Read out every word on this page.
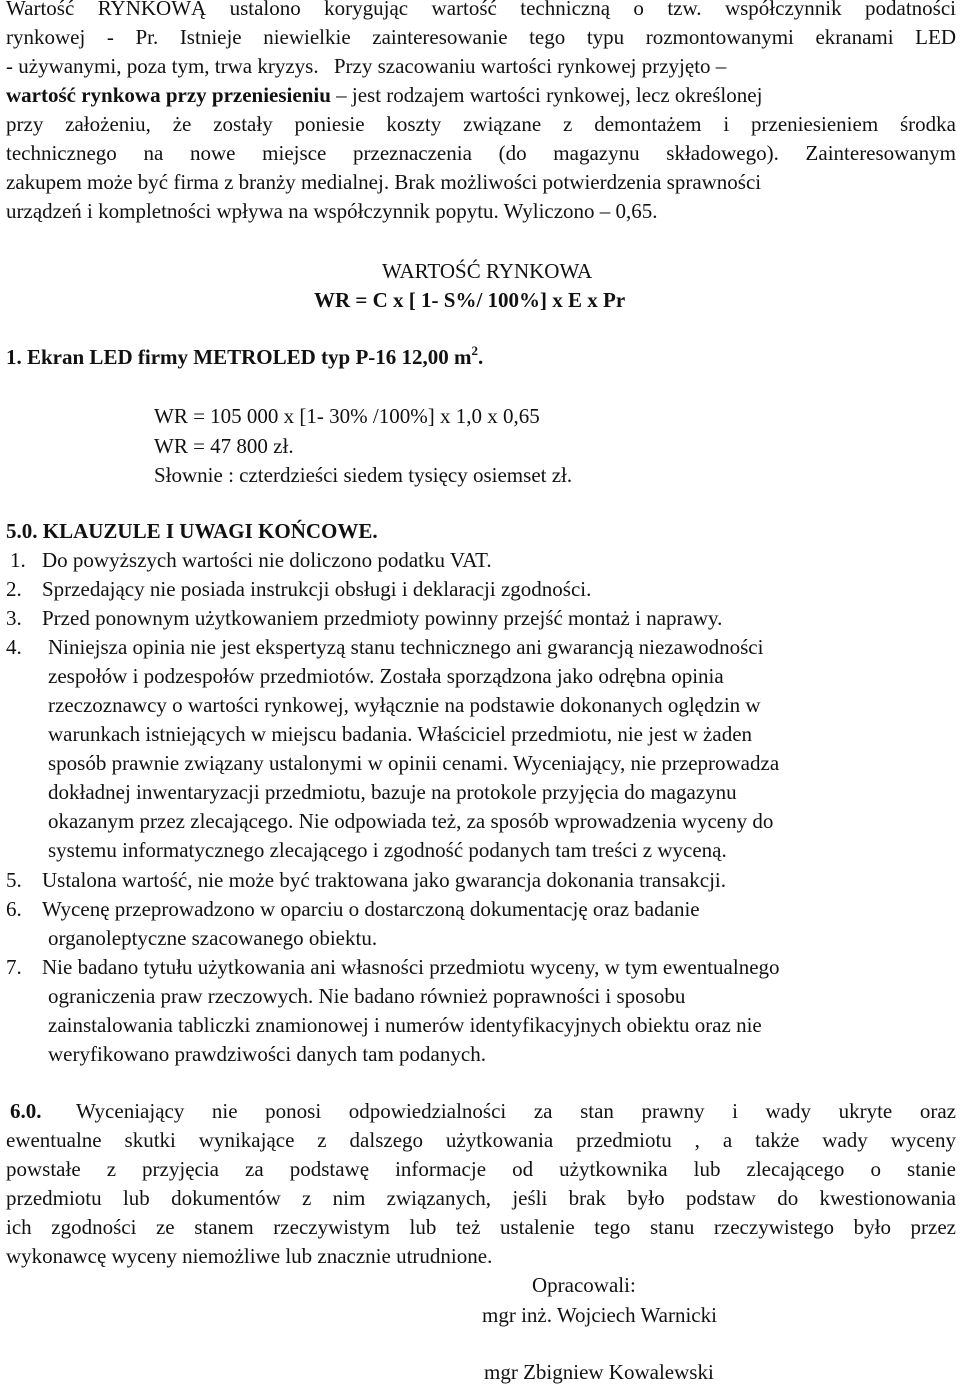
Wartość RYNKOWĄ ustalono korygując wartość techniczną o tzw. współczynnik podatności
rynkowej - Pr. Istnieje niewielkie zainteresowanie tego typu rozmontowanymi ekranami LED
- używanymi, poza tym, trwa kryzys. Przy szacowaniu wartości rynkowej przyjęto –
wartość rynkowa przy przeniesieniu – jest rodzajem wartości rynkowej, lecz określonej
przy założeniu, że zostały poniesie koszty związane z demontażem i przeniesieniem środka
technicznego na nowe miejsce przeznaczenia (do magazynu składowego). Zainteresowanym
zakupem może być firma z branży medialnej. Brak możliwości potwierdzenia sprawności
urządzeń i kompletności wpływa na współczynnik popytu. Wyliczono – 0,65.
WARTOŚĆ RYNKOWA
WR = C x [ 1- S%/ 100%] x E x Pr
1. Ekran LED firmy METROLED typ P-16 12,00 $m^2$.
WR = 105 000 x [1- 30% /100%] x 1,0 x 0,65
WR = 47 800 zł.
Słownie : czterdzieści siedem tysięcy osiemset zł.
5.0. KLAUZULE I UWAGI KOŃCOWE.
1. Do powyższych wartości nie doliczono podatku VAT.
2. Sprzedający nie posiada instrukcji obsługi i deklaracji zgodności.
3. Przed ponownym użytkowaniem przedmioty powinny przejść montaż i naprawy.
4. Niniejsza opinia nie jest ekspertyzą stanu technicznego ani gwarancją niezawodności
zespołów i podzespołów przedmiotów. Została sporządzona jako odrębna opinia
rzeczoznawcy o wartości rynkowej, wyłącznie na podstawie dokonanych oględzin w
warunkach istniejących w miejscu badania. Właściciel przedmiotu, nie jest w żaden
sposób prawnie związany ustalonymi w opinii cenami. Wyceniający, nie przeprowadza
dokładnej inwentaryzacji przedmiotu, bazuje na protokole przyjęcia do magazynu
okazanym przez zlecającego. Nie odpowiada też, za sposób wprowadzenia wyceny do
systemu informatycznego zlecającego i zgodność podanych tam treści z wyceną.
5. Ustalona wartość, nie może być traktowana jako gwarancja dokonania transakcji.
6. Wycenę przeprowadzono w oparciu o dostarczoną dokumentację oraz badanie
organoleptyczne szacowanego obiektu.
7. Nie badano tytułu użytkowania ani własności przedmiotu wyceny, w tym ewentualnego
ograniczenia praw rzeczowych. Nie badano również poprawności i sposobu
zainstalowania tabliczki znamionowej i numerów identyfikacyjnych obiektu oraz nie
weryfikowano prawdziwości danych tam podanych.
6.0. Wyceniający nie ponosi odpowiedzialności za stan prawny i wady ukryte oraz
ewentualne skutki wynikające z dalszego użytkowania przedmiotu , a także wady wyceny
powstałe z przyjęcia za podstawę informacje od użytkownika lub zlecającego o stanie
przedmiotu lub dokumentów z nim związanych, jeśli brak było podstaw do kwestionowania
ich zgodności ze stanem rzeczywistym lub też ustalenie tego stanu rzeczywistego było przez
wykonawcę wyceny niemożliwe lub znacznie utrudnione.
Opracowali:
mgr inż. Wojciech Warnicki
mgr Zbigniew Kowalewski
